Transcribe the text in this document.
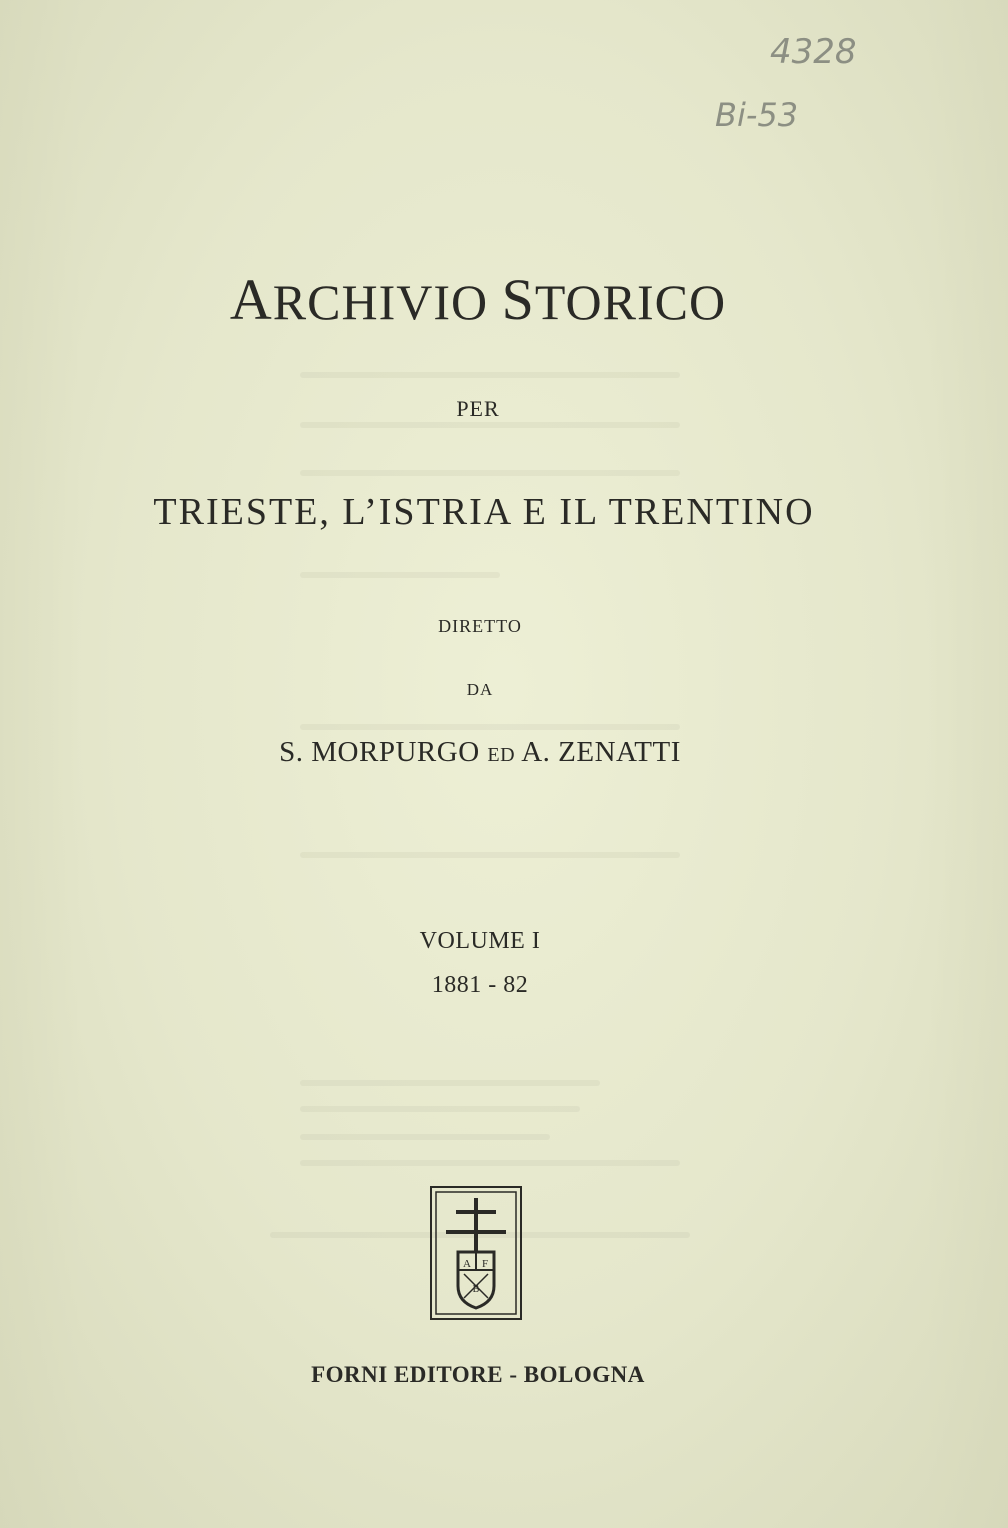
4328
Bi-53
ARCHIVIO STORICO
PER
TRIESTE, L’ISTRIA E IL TRENTINO
DIRETTO
DA
S. MORPURGO ED A. ZENATTI
VOLUME I
1881 - 82
A F
B
FORNI EDITORE - BOLOGNA
